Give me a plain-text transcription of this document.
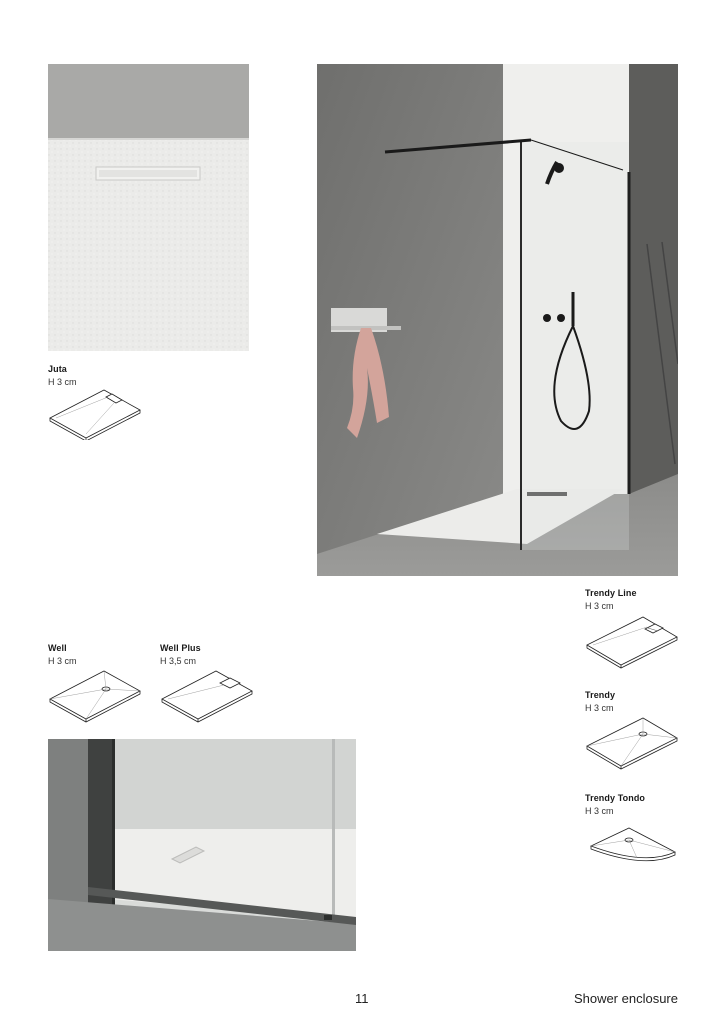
Juta
H 3 cm
Trendy Line
H 3 cm
Well
H 3 cm
Well Plus
H 3,5 cm
Trendy
H 3 cm
Trendy Tondo
H 3 cm
11	Shower enclosure
